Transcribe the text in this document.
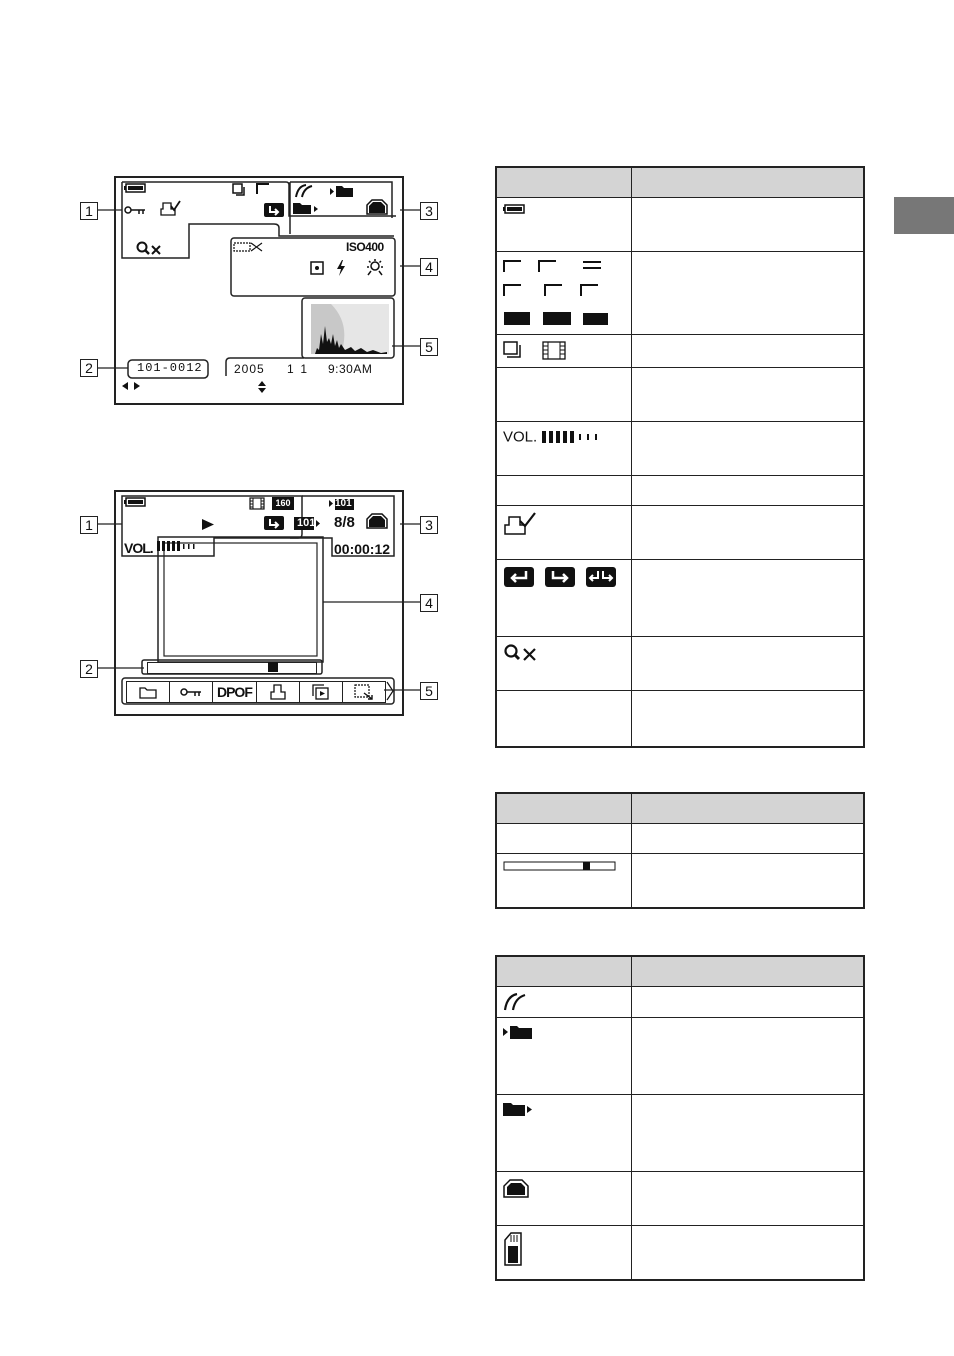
ISO400
101-0012	2005 1  1 9:30AM
1
2
3
4
5
160	101
101 8/8
VOL.	00:00:12
DPOF
1
2
3
4
5

VOL.	
